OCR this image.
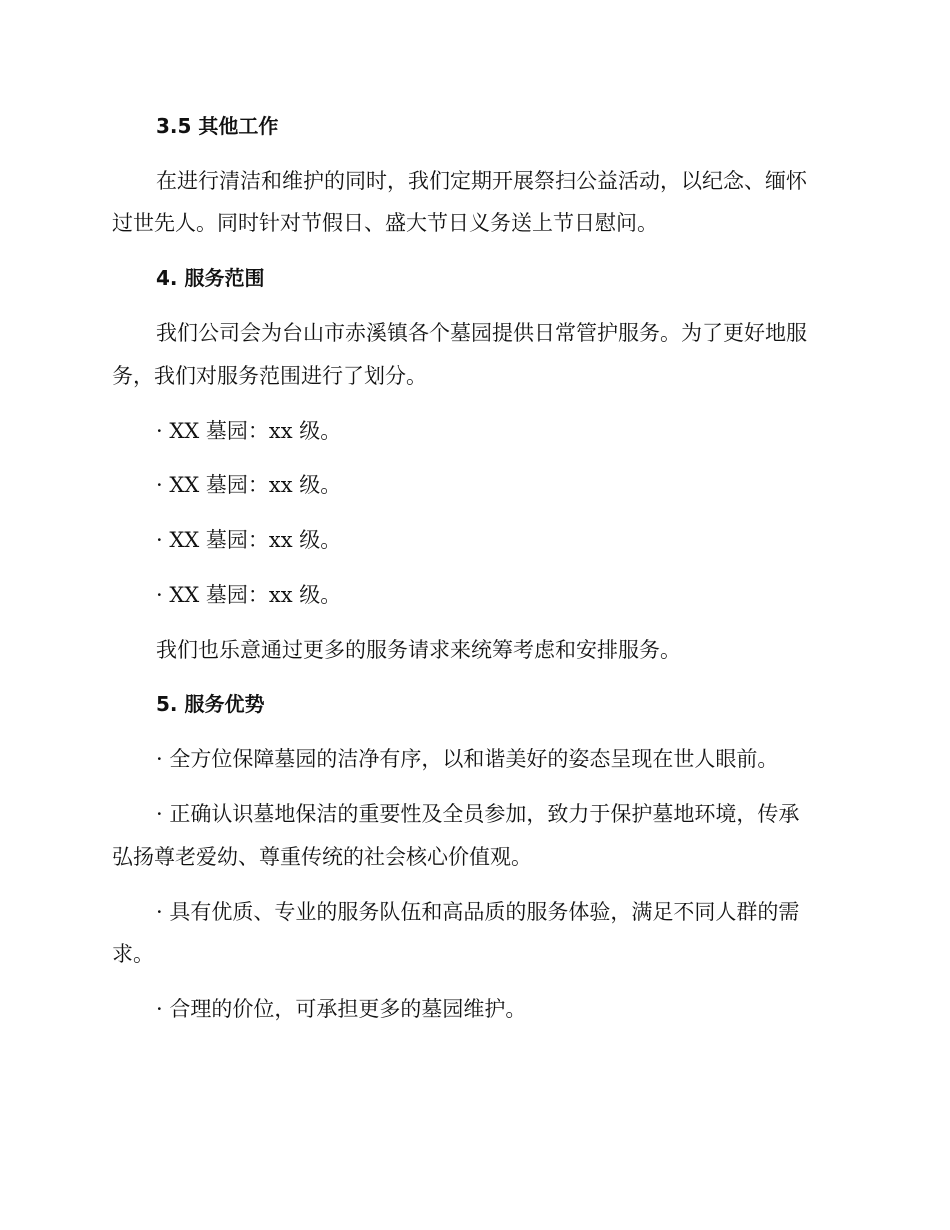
3.5 其他工作
在进行清洁和维护的同时，我们定期开展祭扫公益活动，以纪念、缅怀
过世先人。同时针对节假日、盛大节日义务送上节日慰问。
4. 服务范围
我们公司会为台山市赤溪镇各个墓园提供日常管护服务。为了更好地服
务，我们对服务范围进行了划分。
· XX 墓园：xx 级。
· XX 墓园：xx 级。
· XX 墓园：xx 级。
· XX 墓园：xx 级。
我们也乐意通过更多的服务请求来统筹考虑和安排服务。
5. 服务优势
· 全方位保障墓园的洁净有序，以和谐美好的姿态呈现在世人眼前。
· 正确认识墓地保洁的重要性及全员参加，致力于保护墓地环境，传承
弘扬尊老爱幼、尊重传统的社会核心价值观。
· 具有优质、专业的服务队伍和高品质的服务体验，满足不同人群的需
求。
· 合理的价位，可承担更多的墓园维护。
